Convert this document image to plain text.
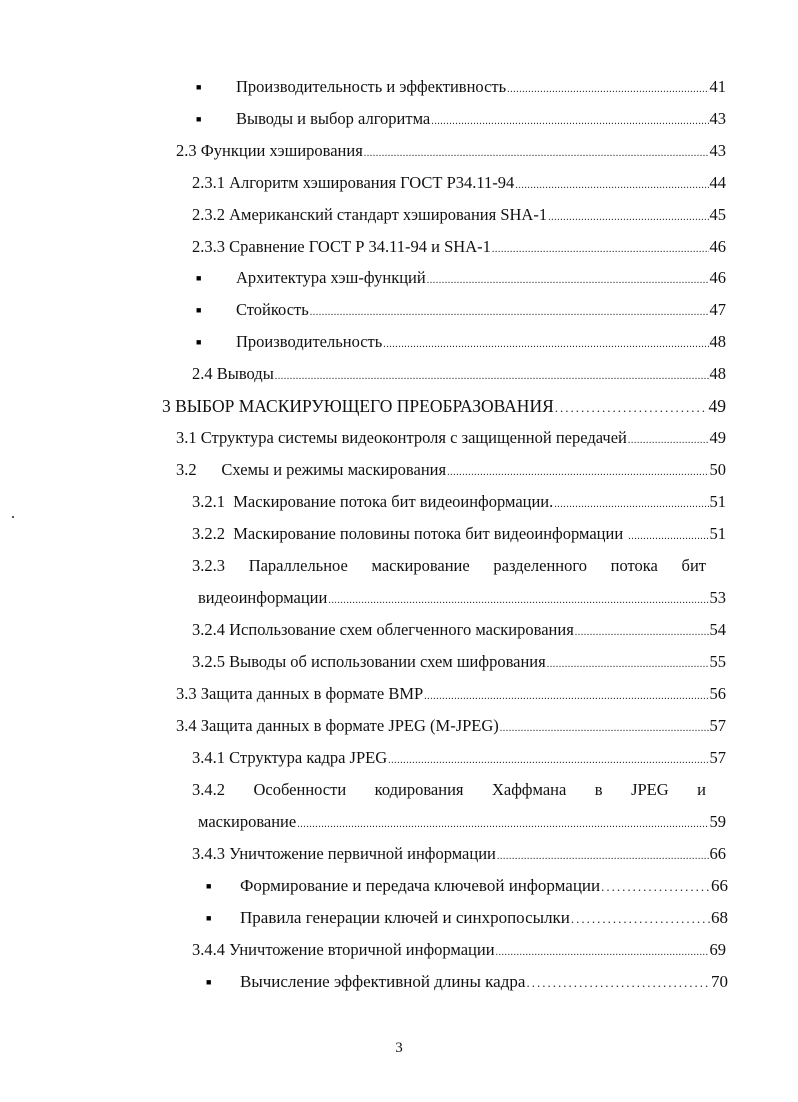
■ Производительность и эффективность .....	41
■ Выводы и выбор алгоритма .....	43
2.3 Функции хэширования .....	43
2.3.1 Алгоритм хэширования ГОСТ Р34.11-94 .....	44
2.3.2 Американский стандарт хэширования SHA-1 .....	45
2.3.3 Сравнение ГОСТ Р 34.11-94 и SHA-1 .....	46
■ Архитектура хэш-функций .....	46
■ Стойкость .....	47
■ Производительность .....	48
2.4 Выводы .....	48
3 ВЫБОР МАСКИРУЮЩЕГО ПРЕОБРАЗОВАНИЯ .....	49
3.1 Структура системы видеоконтроля с защищенной передачей .....	49
3.2      Схемы и режимы маскирования .....	50
3.2.1  Маскирование потока бит видеоинформации. .....	51
3.2.2  Маскирование половины потока бит видеоинформации .....	51
3.2.3  Параллельное  маскирование  разделенного  потока  бит
видеоинформации .....	53
3.2.4 Использование схем облегченного маскирования .....	54
3.2.5 Выводы об использовании схем шифрования .....	55
3.3 Защита данных в формате BMP .....	56
3.4 Защита данных в формате JPEG (M-JPEG) .....	57
3.4.1 Структура кадра JPEG .....	57
3.4.2    Особенности    кодирования    Хаффмана    в    JPEG    и
маскирование .....	59
3.4.3 Уничтожение первичной информации .....	66
■ Формирование и передача ключевой информации .....	66
■ Правила генерации ключей и синхропосылки .....	68
3.4.4 Уничтожение вторичной информации .....	69
■ Вычисление эффективной длины кадра .....	70
3
